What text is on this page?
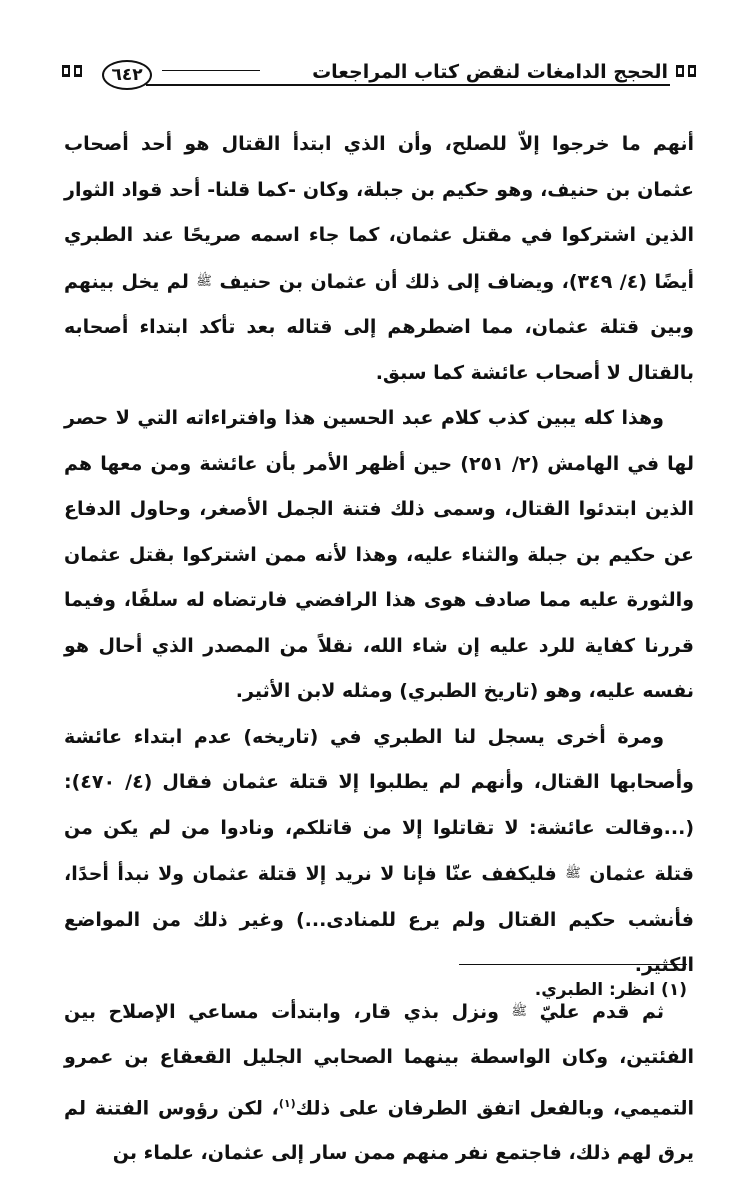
الحجج الدامغات لنقض كتاب المراجعات
٦٤٢

أنهم ما خرجوا إلاّ للصلح، وأن الذي ابتدأ القتال هو أحد أصحاب عثمان بن حنيف، وهو حكيم بن جبلة، وكان -كما قلنا- أحد قواد الثوار الذين اشتركوا في مقتل عثمان، كما جاء اسمه صريحًا عند الطبري أيضًا (٤/ ٣٤٩)، ويضاف إلى ذلك أن عثمان بن حنيف ﷺ لم يخل بينهم وبين قتلة عثمان، مما اضطرهم إلى قتاله بعد تأكد ابتداء أصحابه بالقتال لا أصحاب عائشة كما سبق.

وهذا كله يبين كذب كلام عبد الحسين هذا وافتراءاته التي لا حصر لها في الهامش (٢/ ٢٥١) حين أظهر الأمر بأن عائشة ومن معها هم الذين ابتدئوا القتال، وسمى ذلك فتنة الجمل الأصغر، وحاول الدفاع عن حكيم بن جبلة والثناء عليه، وهذا لأنه ممن اشتركوا بقتل عثمان والثورة عليه مما صادف هوى هذا الرافضي فارتضاه له سلفًا، وفيما قررنا كفاية للرد عليه إن شاء الله، نقلاً من المصدر الذي أحال هو نفسه عليه، وهو (تاريخ الطبري) ومثله لابن الأثير.

ومرة أخرى يسجل لنا الطبري في (تاريخه) عدم ابتداء عائشة وأصحابها القتال، وأنهم لم يطلبوا إلا قتلة عثمان فقال (٤/ ٤٧٠): (...وقالت عائشة: لا تقاتلوا إلا من قاتلكم، ونادوا من لم يكن من قتلة عثمان ﷺ فليكفف عنّا فإنا لا نريد إلا قتلة عثمان ولا نبدأ أحدًا، فأنشب حكيم القتال ولم يرع للمنادى...) وغير ذلك من المواضع الكثير.

ثم قدم عليّ ﷺ ونزل بذي قار، وابتدأت مساعي الإصلاح بين الفئتين، وكان الواسطة بينهما الصحابي الجليل القعقاع بن عمرو التميمي، وبالفعل اتفق الطرفان على ذلك$^{(١)}$، لكن رؤوس الفتنة لم يرق لهم ذلك، فاجتمع نفر منهم ممن سار إلى عثمان، علماء بن

(١) انظر: الطبري.
